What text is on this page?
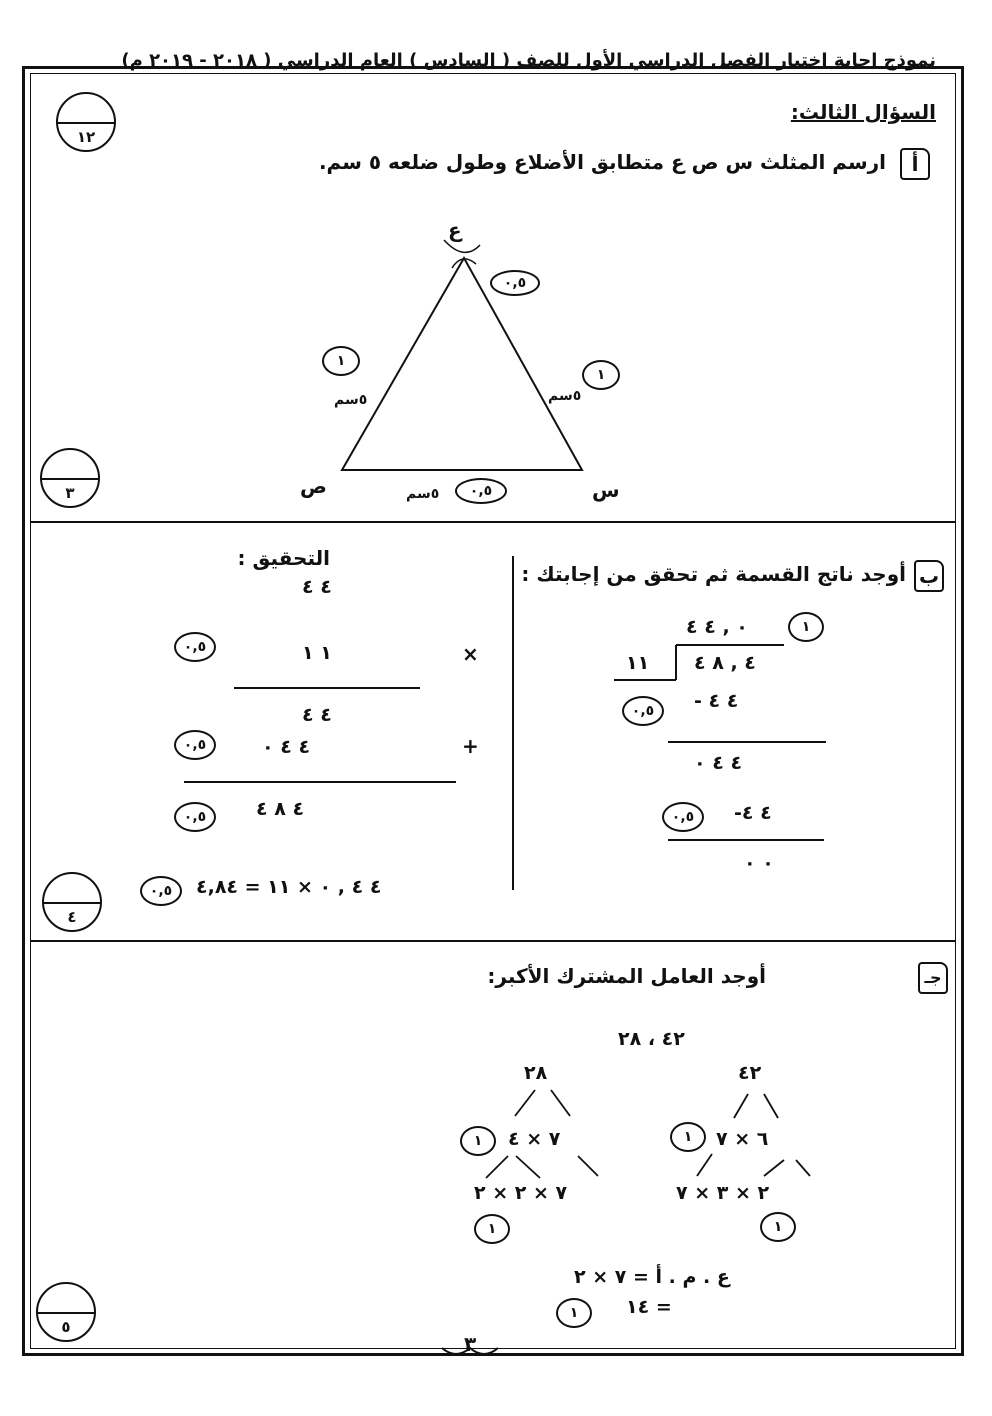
نموذج اجابة اختبار الفصل الدراسي الأول للصف ( السادس ) العام الدراسي ( ٢٠١٨ - ٢٠١٩ م)
١٢
٣
٤
٥
السؤال الثالث:
أ
ارسم المثلث س ص ع متطابق الأضلاع وطول ضلعه ٥ سم.
ع
ص	س
٥سم	٥سم
٥سم
٠,٥
١
١
٠,٥
ب
أوجد ناتج القسمة ثم تحقق من إجابتك :
التحقيق :
٠ , ٤ ٤	١
١١ ٤ , ٨ ٤
- ٤ ٤
٠,٥
٤ ٤ ٠
-٤ ٤
٠,٥
٠ ٠
٤ ٤
١ ١	×
٠,٥
٤ ٤
٤ ٤ ٠	+
٠,٥
٤ ٨ ٤
٠,٥
٤ ٤ , ٠ × ١١ = ٤,٨٤
٠,٥
جـ
أوجد العامل المشترك الأكبر:
٤٢ ، ٢٨
٤٢
٦ × ٧
٢ × ٣ × ٧
١
١
٢٨
٧ × ٤
٧ × ٢ × ٢
١
١
ع . م . أ = ٧ × ٢
= ١٤
١
٣
